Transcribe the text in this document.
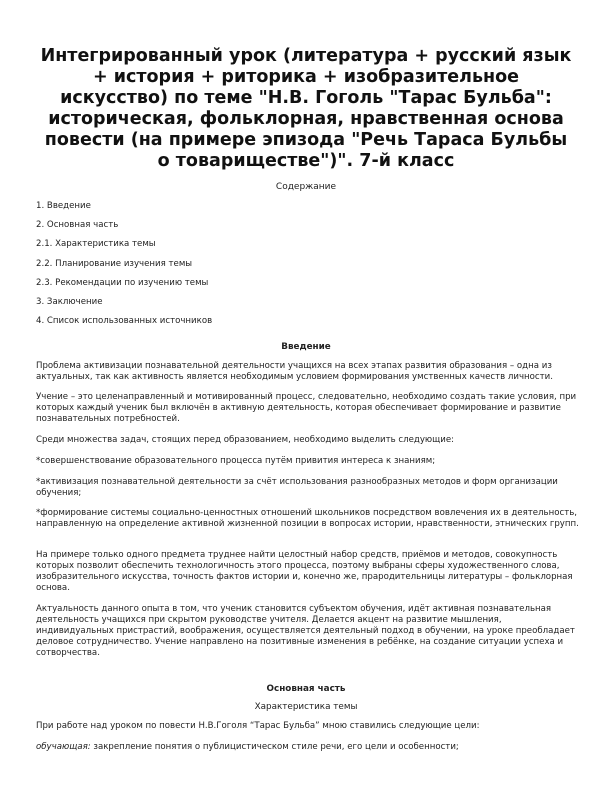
Интегрированный урок (литература + русский язык + история + риторика + изобразительное искусство) по теме "Н.В. Гоголь "Тарас Бульба": историческая, фольклорная, нравственная основа повести (на примере эпизода "Речь Тараса Бульбы о товариществе")". 7-й класс
Содержание
1. Введение
2. Основная часть
2.1. Характеристика темы
2.2. Планирование изучения темы
2.3. Рекомендации по изучению темы
3. Заключение
4. Список использованных источников
Введение

Проблема активизации познавательной деятельности учащихся на всех этапах развития образования – одна из актуальных, так как активность является необходимым условием формирования умственных качеств личности.

Учение – это целенаправленный и мотивированный процесс, следовательно, необходимо создать такие условия, при которых каждый ученик был включён в активную деятельность, которая обеспечивает формирование и развитие познавательных потребностей.

Среди множества задач, стоящих перед образованием, необходимо выделить следующие:

*совершенствование образовательного процесса путём привития интереса к знаниям;

*активизация познавательной деятельности за счёт использования разнообразных методов и форм организации обучения;

*формирование системы социально-ценностных отношений школьников посредством вовлечения их в деятельность, направленную на определение активной жизненной позиции в вопросах истории, нравственности, этнических групп.

На примере только одного предмета труднее найти целостный набор средств, приёмов и методов, совокупность которых позволит обеспечить технологичность этого процесса, поэтому выбраны сферы художественного слова, изобразительного искусства, точность фактов истории и, конечно же, прародительницы литературы – фольклорная основа.

Актуальность данного опыта в том, что ученик становится субъектом обучения, идёт активная познавательная деятельность учащихся при скрытом руководстве учителя. Делается акцент на развитие мышления, индивидуальных пристрастий, воображения, осуществляется деятельный подход в обучении, на уроке преобладает деловое сотрудничество. Учение направлено на позитивные изменения в ребёнке, на создание ситуации успеха и сотворчества.

Основная часть
Характеристика темы

При работе над уроком по повести Н.В.Гоголя “Тарас Бульба” мною ставились следующие цели:

обучающая: закрепление понятия о публицистическом стиле речи, его цели и особенности;
